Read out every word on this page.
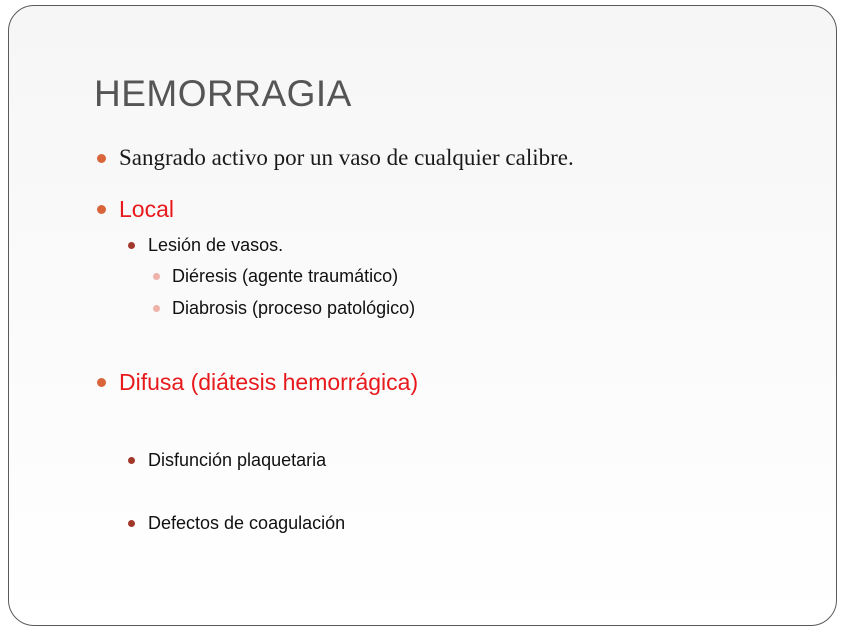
HEMORRAGIA
Sangrado activo por un vaso de cualquier calibre.
Local
Lesión de vasos.
Diéresis (agente traumático)
Diabrosis (proceso patológico)
Difusa (diátesis hemorrágica)
Disfunción plaquetaria
Defectos de coagulación
